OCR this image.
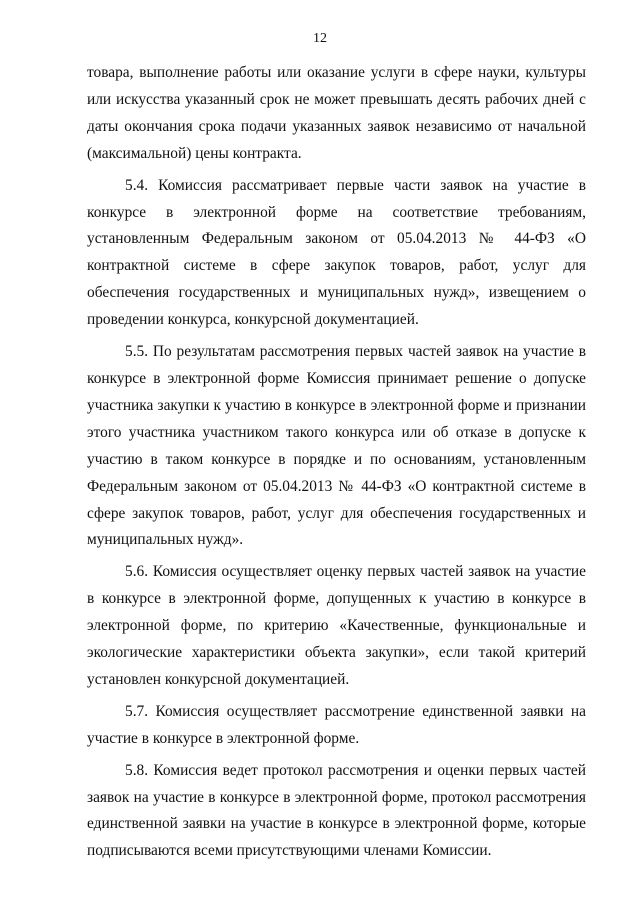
12

товара, выполнение работы или оказание услуги в сфере науки, культуры или искусства указанный срок не может превышать десять рабочих дней с даты окончания срока подачи указанных заявок независимо от начальной (максимальной) цены контракта.

5.4. Комиссия рассматривает первые части заявок на участие в конкурсе в электронной форме на соответствие требованиям, установленным Федеральным законом от 05.04.2013 № 44-ФЗ «О контрактной системе в сфере закупок товаров, работ, услуг для обеспечения государственных и муниципальных нужд», извещением о проведении конкурса, конкурсной документацией.

5.5. По результатам рассмотрения первых частей заявок на участие в конкурсе в электронной форме Комиссия принимает решение о допуске участника закупки к участию в конкурсе в электронной форме и признании этого участника участником такого конкурса или об отказе в допуске к участию в таком конкурсе в порядке и по основаниям, установленным Федеральным законом от 05.04.2013 № 44-ФЗ «О контрактной системе в сфере закупок товаров, работ, услуг для обеспечения государственных и муниципальных нужд».

5.6. Комиссия осуществляет оценку первых частей заявок на участие в конкурсе в электронной форме, допущенных к участию в конкурсе в электронной форме, по критерию «Качественные, функциональные и экологические характеристики объекта закупки», если такой критерий установлен конкурсной документацией.

5.7. Комиссия осуществляет рассмотрение единственной заявки на участие в конкурсе в электронной форме.

5.8. Комиссия ведет протокол рассмотрения и оценки первых частей заявок на участие в конкурсе в электронной форме, протокол рассмотрения единственной заявки на участие в конкурсе в электронной форме, которые подписываются всеми присутствующими членами Комиссии.
